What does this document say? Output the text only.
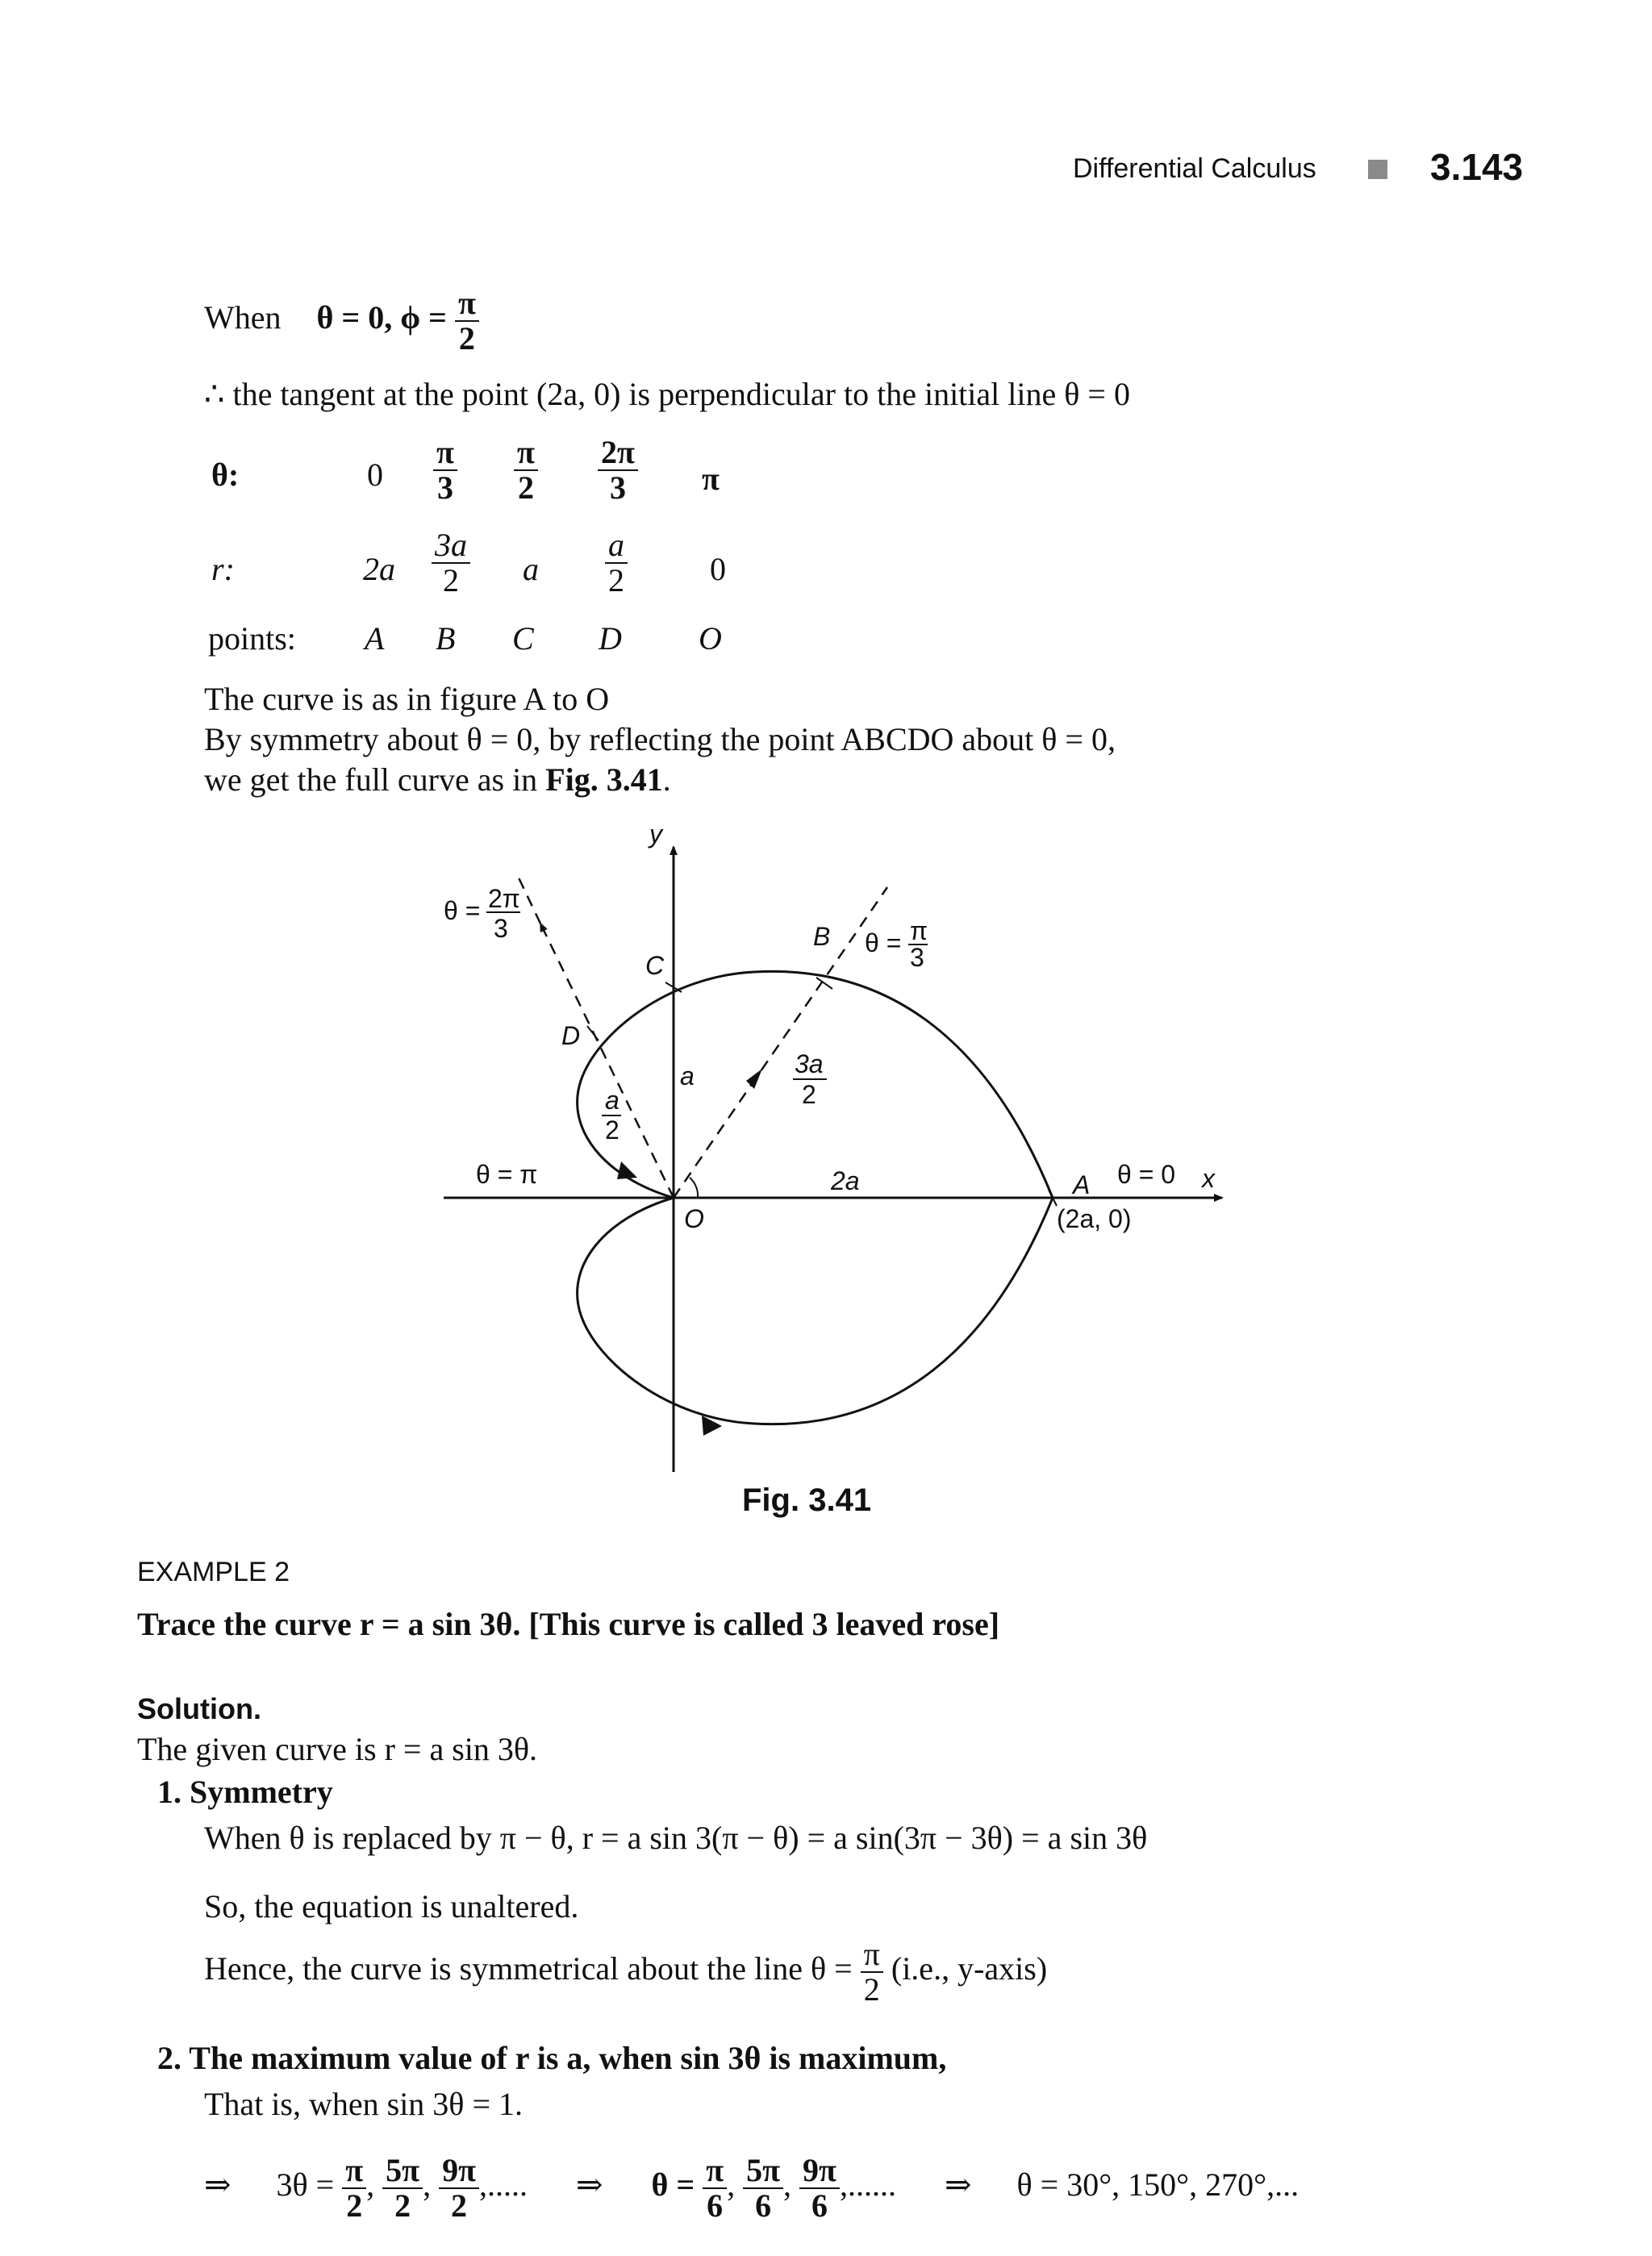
Differential Calculus	3.143
When θ = 0, $\phi = \frac{\pi}{2}$
∴ the tangent at the point (2a, 0) is perpendicular to the initial line θ = 0
θ:	$0 \frac{\pi}{3} \frac{\pi}{2} \frac{2\pi}{3}$ π
r:	$2a \frac{3a}{2}$ a $\frac{a}{2}$	0
points: A B C D O
The curve is as in figure A to O
By symmetry about θ = 0, by reflecting the point ABCDO about θ = 0,
we get the full curve as in Fig. 3.41.
y
x
θ = 2π
3	θ = π
3
θ = π	θ = 0
C
B
D
A
O
a
a
2
3a
2
2a
(2a, 0)
Fig. 3.41
EXAMPLE 2
Trace the curve r = a sin 3θ. [This curve is called 3 leaved rose]
Solution.
The given curve is r = a sin 3θ.
1. Symmetry
When θ is replaced by π − θ, r = a sin 3(π − θ) = a sin(3π − 3θ) = a sin 3θ
So, the equation is unaltered.
Hence, the curve is symmetrical about the line $\theta = \frac{\pi}{2} (i.e$., y-axis)
2. The maximum value of r is a, when sin 3θ is maximum,
That is, when sin 3θ = 1.
⇒ $3\theta = \frac{\pi}{2}$ , $\frac{5\pi}{2}$ , $\frac{9\pi}{2}$ ,..... ⇒ $\theta = \frac{\pi}{6}$ , $\frac{5\pi}{6}$ , $\frac{9\pi}{6}$ ,...... ⇒ θ = 30°, 150°, 270°,...
